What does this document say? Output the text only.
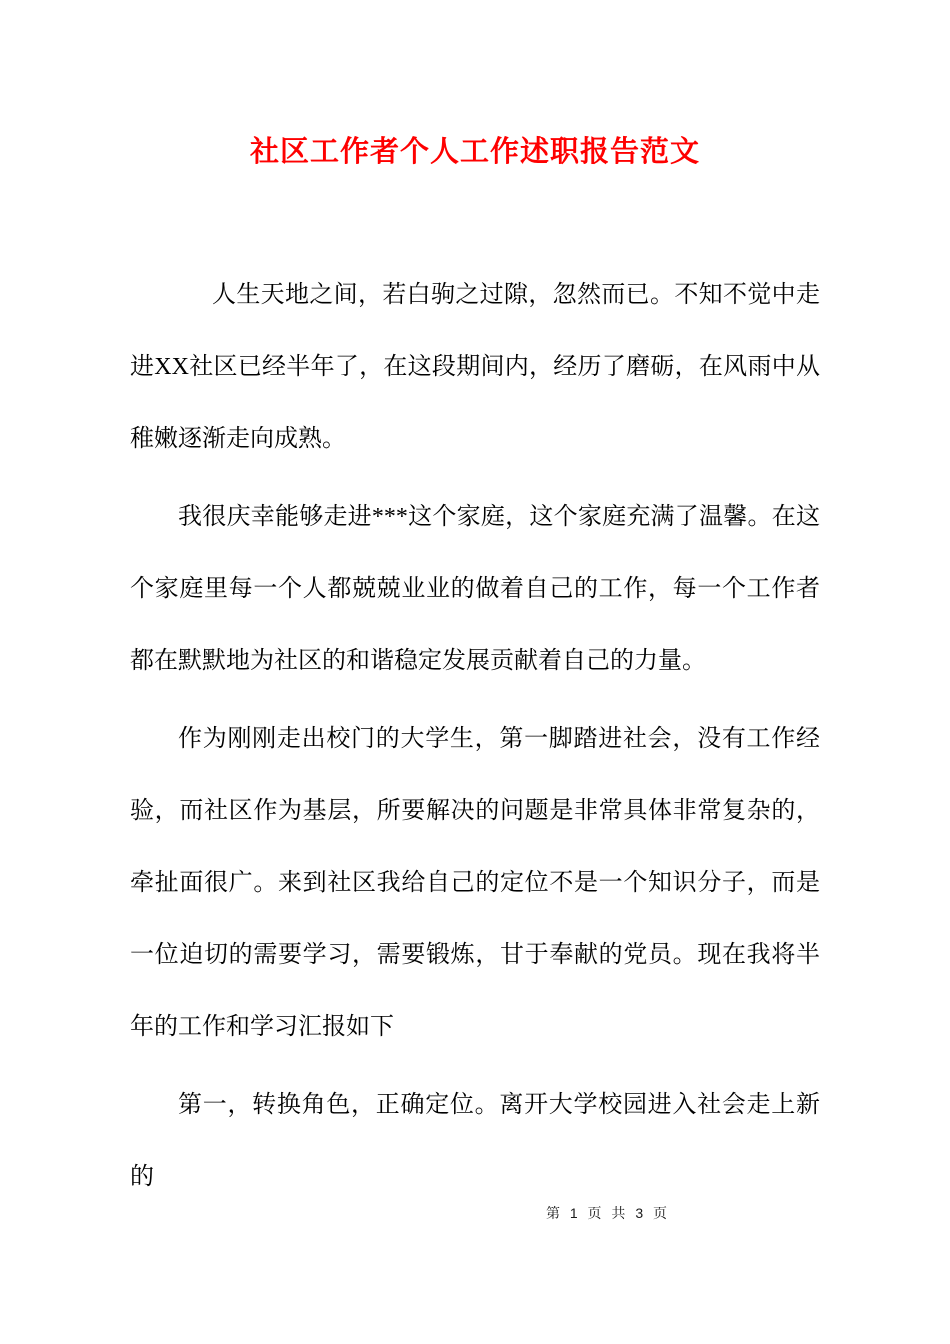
社区工作者个人工作述职报告范文

人生天地之间，若白驹之过隙，忽然而已。不知不觉中走进XX社区已经半年了，在这段期间内，经历了磨砺，在风雨中从稚嫩逐渐走向成熟。

我很庆幸能够走进***这个家庭，这个家庭充满了温馨。在这个家庭里每一个人都兢兢业业的做着自己的工作，每一个工作者都在默默地为社区的和谐稳定发展贡献着自己的力量。

作为刚刚走出校门的大学生，第一脚踏进社会，没有工作经验，而社区作为基层，所要解决的问题是非常具体非常复杂的，牵扯面很广。来到社区我给自己的定位不是一个知识分子，而是一位迫切的需要学习，需要锻炼，甘于奉献的党员。现在我将半年的工作和学习汇报如下

第一，转换角色，正确定位。离开大学校园进入社会走上新的

第 1 页 共 3 页
